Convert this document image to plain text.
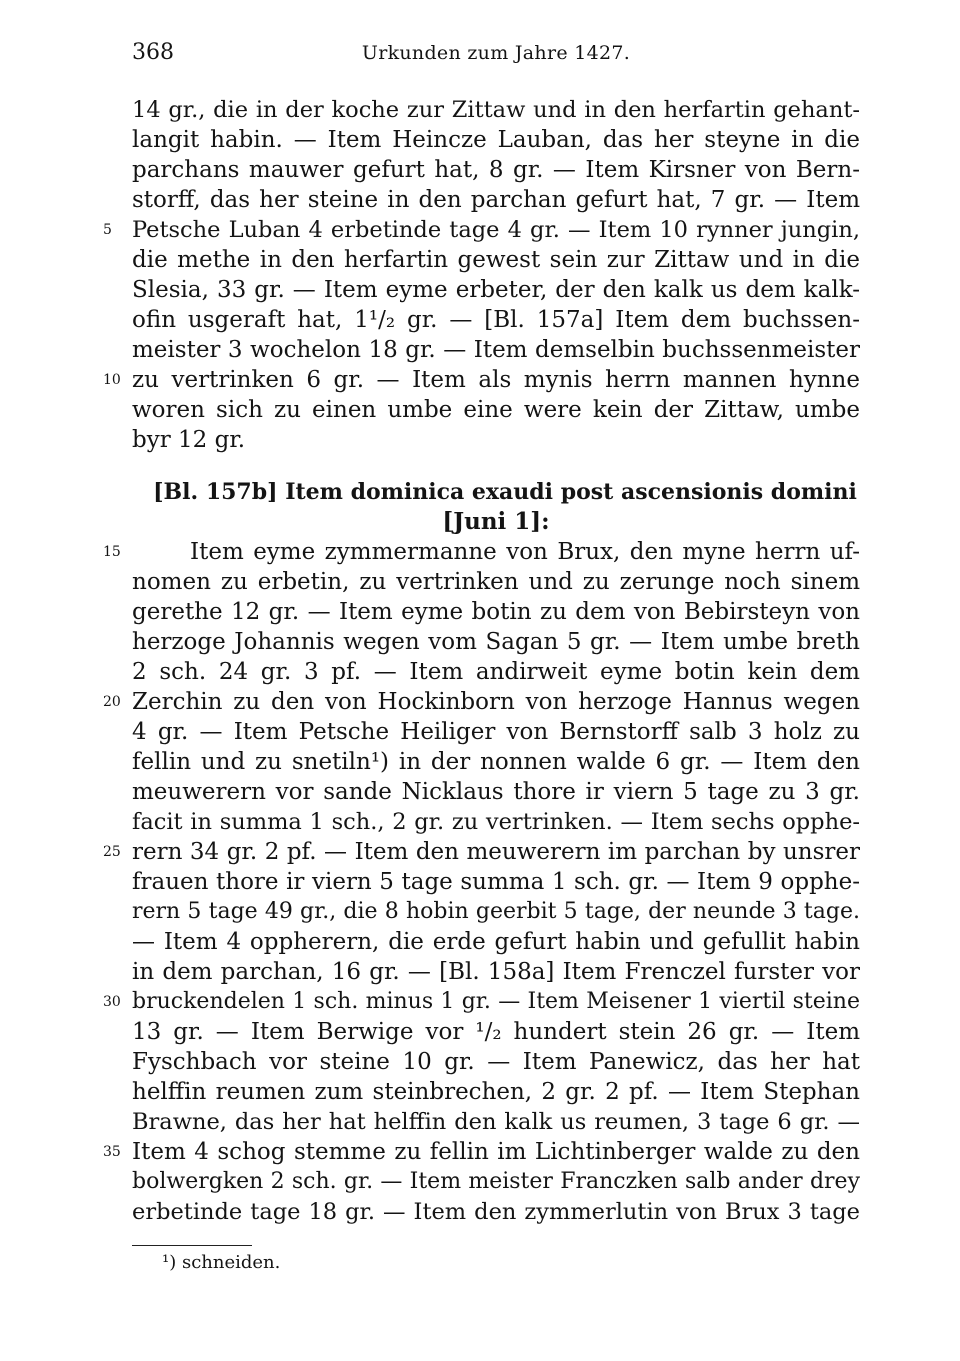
368	Urkunden zum Jahre 1427.
5
10
15
20
25
30
35
14 gr., die in der koche zur Zittaw und in den herfartin gehant-
langit habin. — Item Heincze Lauban, das her steyne in die
parchans mauwer gefurt hat, 8 gr. — Item Kirsner von Bern-
storff, das her steine in den parchan gefurt hat, 7 gr. — Item
Petsche Luban 4 erbetinde tage 4 gr. — Item 10 rynner jungin,
die methe in den herfartin gewest sein zur Zittaw und in die
Slesia, 33 gr. — Item eyme erbeter, der den kalk us dem kalk-
ofin usgeraft hat, 1¹/₂ gr. — [Bl. 157a] Item dem buchssen-
meister 3 wochelon 18 gr. — Item demselbin buchssenmeister
zu vertrinken 6 gr. — Item als mynis herrn mannen hynne
woren sich zu einen umbe eine were kein der Zittaw, umbe
byr 12 gr.
[Bl. 157b] Item dominica exaudi post ascensionis domini
[Juni 1]:
Item eyme zymmermanne von Brux, den myne herrn uf-
nomen zu erbetin, zu vertrinken und zu zerunge noch sinem
gerethe 12 gr. — Item eyme botin zu dem von Bebirsteyn von
herzoge Johannis wegen vom Sagan 5 gr. — Item umbe breth
2 sch. 24 gr. 3 pf. — Item andirweit eyme botin kein dem
Zerchin zu den von Hockinborn von herzoge Hannus wegen
4 gr. — Item Petsche Heiliger von Bernstorff salb 3 holz zu
fellin und zu snetiln¹) in der nonnen walde 6 gr. — Item den
meuwerern vor sande Nicklaus thore ir viern 5 tage zu 3 gr.
facit in summa 1 sch., 2 gr. zu vertrinken. — Item sechs opphe-
rern 34 gr. 2 pf. — Item den meuwerern im parchan by unsrer
frauen thore ir viern 5 tage summa 1 sch. gr. — Item 9 opphe-
rern 5 tage 49 gr., die 8 hobin geerbit 5 tage, der neunde 3 tage.
— Item 4 oppherern, die erde gefurt habin und gefullit habin
in dem parchan, 16 gr. — [Bl. 158a] Item Frenczel furster vor
bruckendelen 1 sch. minus 1 gr. — Item Meisener 1 viertil steine
13 gr. — Item Berwige vor ¹/₂ hundert stein 26 gr. — Item
Fyschbach vor steine 10 gr. — Item Panewicz, das her hat
helffin reumen zum steinbrechen, 2 gr. 2 pf. — Item Stephan
Brawne, das her hat helffin den kalk us reumen, 3 tage 6 gr. —
Item 4 schog stemme zu fellin im Lichtinberger walde zu den
bolwergken 2 sch. gr. — Item meister Franczken salb ander drey
erbetinde tage 18 gr. — Item den zymmerlutin von Brux 3 tage
¹) schneiden.
